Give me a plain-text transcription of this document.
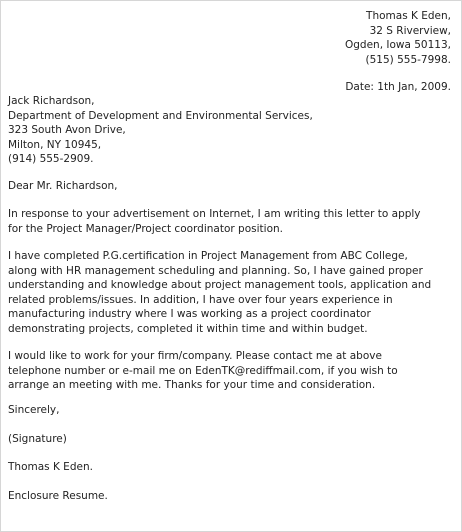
Thomas K Eden,
32 S Riverview,
Ogden, Iowa 50113,
(515) 555-7998.
Date: 1th Jan, 2009.
Jack Richardson,
Department of Development and Environmental Services,
323 South Avon Drive,
Milton, NY 10945,
(914) 555-2909.
Dear Mr. Richardson,
In response to your advertisement on Internet, I am writing this letter to apply
for the Project Manager/Project coordinator position.
I have completed P.G.certification in Project Management from ABC College,
along with HR management scheduling and planning. So, I have gained proper
understanding and knowledge about project management tools, application and
related problems/issues. In addition, I have over four years experience in
manufacturing industry where I was working as a project coordinator
demonstrating projects, completed it within time and within budget.
I would like to work for your firm/company. Please contact me at above
telephone number or e-mail me on EdenTK@rediffmail.com, if you wish to
arrange an meeting with me. Thanks for your time and consideration.
Sincerely,
(Signature)
Thomas K Eden.
Enclosure Resume.
